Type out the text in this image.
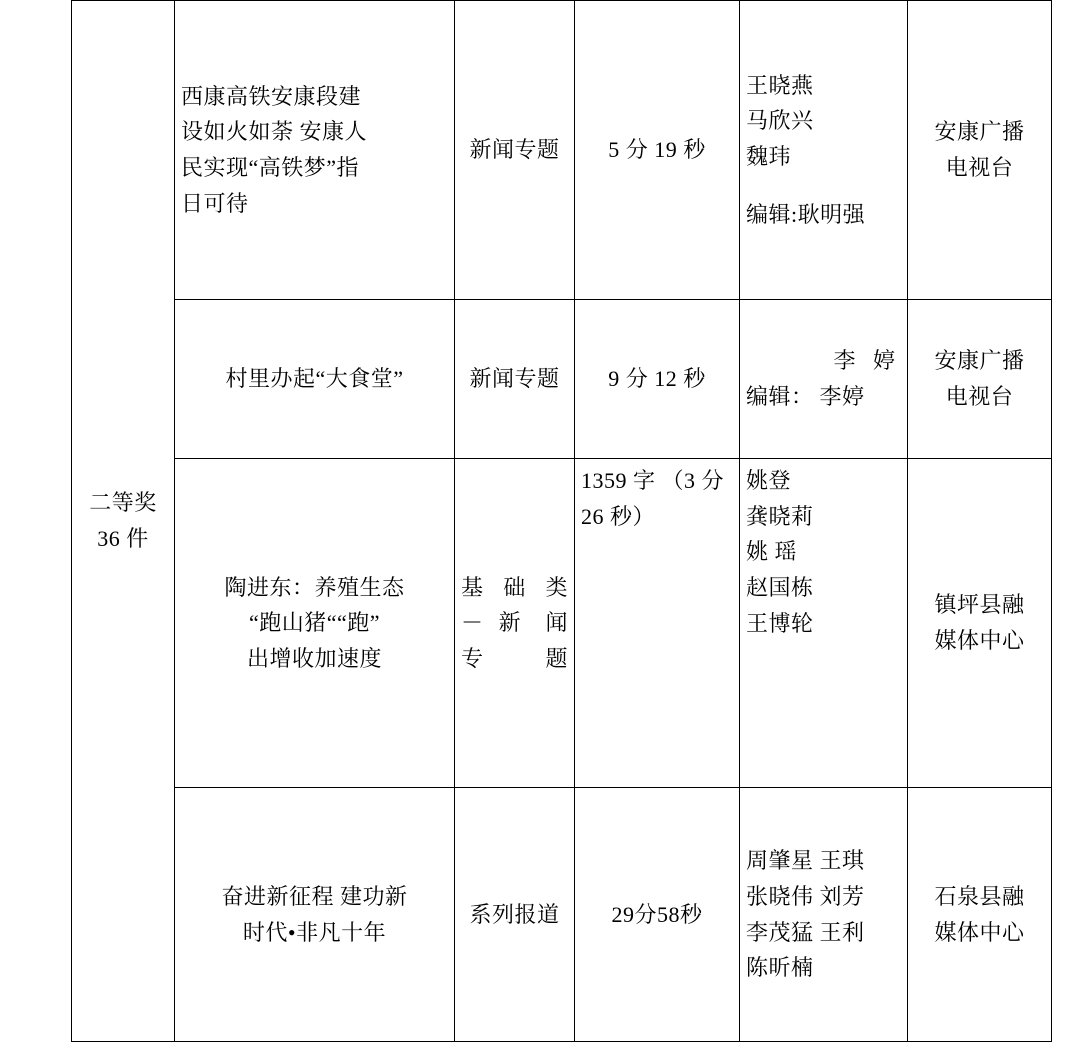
二等奖
36 件	西康高铁安康段建
设如火如荼 安康人
民实现“高铁梦”指
日可待	新闻专题	5 分 19 秒	王晓燕
马欣兴
魏玮
编辑:耿明强	安康广播
电视台

	村里办起“大食堂”	新闻专题	9 分 12 秒	李 婷
编辑： 李婷	安康广播
电视台

	陶进东：养殖生态
“跑山猪““跑”
出增收加速度	基 础 类
－ 新 闻
专题	1359 字 （3 分 26 秒）	姚登
龚晓莉
姚 瑶
赵国栋
王博轮	镇坪县融
媒体中心

	奋进新征程 建功新
时代•非凡十年	系列报道	29分58秒	周肇星 王琪
张晓伟 刘芳
李茂猛 王利
陈昕楠	石泉县融
媒体中心
